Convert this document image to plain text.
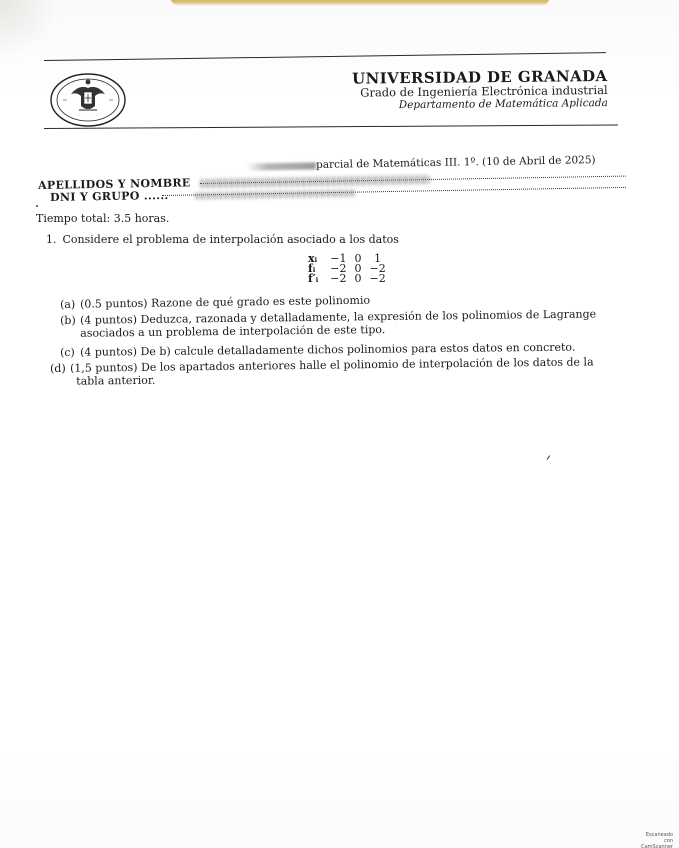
UNIVERSIDAD DE GRANADA
Grado de Ingeniería Electrónica industrial
Departamento de Matemática Aplicada
parcial de Matemáticas III. 1º. (10 de Abril de 2025)
APELLIDOS Y NOMBRE
DNI Y GRUPO ......
Tiempo total: 3.5 horas.
1. Considere el problema de interpolación asociado a los datos
xᵢ	−1	0	1
fᵢ	−2	0	−2
f′ᵢ	−2	0	−2
(a) (0.5 puntos) Razone de qué grado es este polinomio
(b) (4 puntos) Deduzca, razonada y detalladamente, la expresión de los polinomios de Lagrange
asociados a un problema de interpolación de este tipo.
(c) (4 puntos) De b) calcule detalladamente dichos polinomios para estos datos en concreto.
(d) (1,5 puntos) De los apartados anteriores halle el polinomio de interpolación de los datos de la
tabla anterior.
Escaneado con
CamScanner
